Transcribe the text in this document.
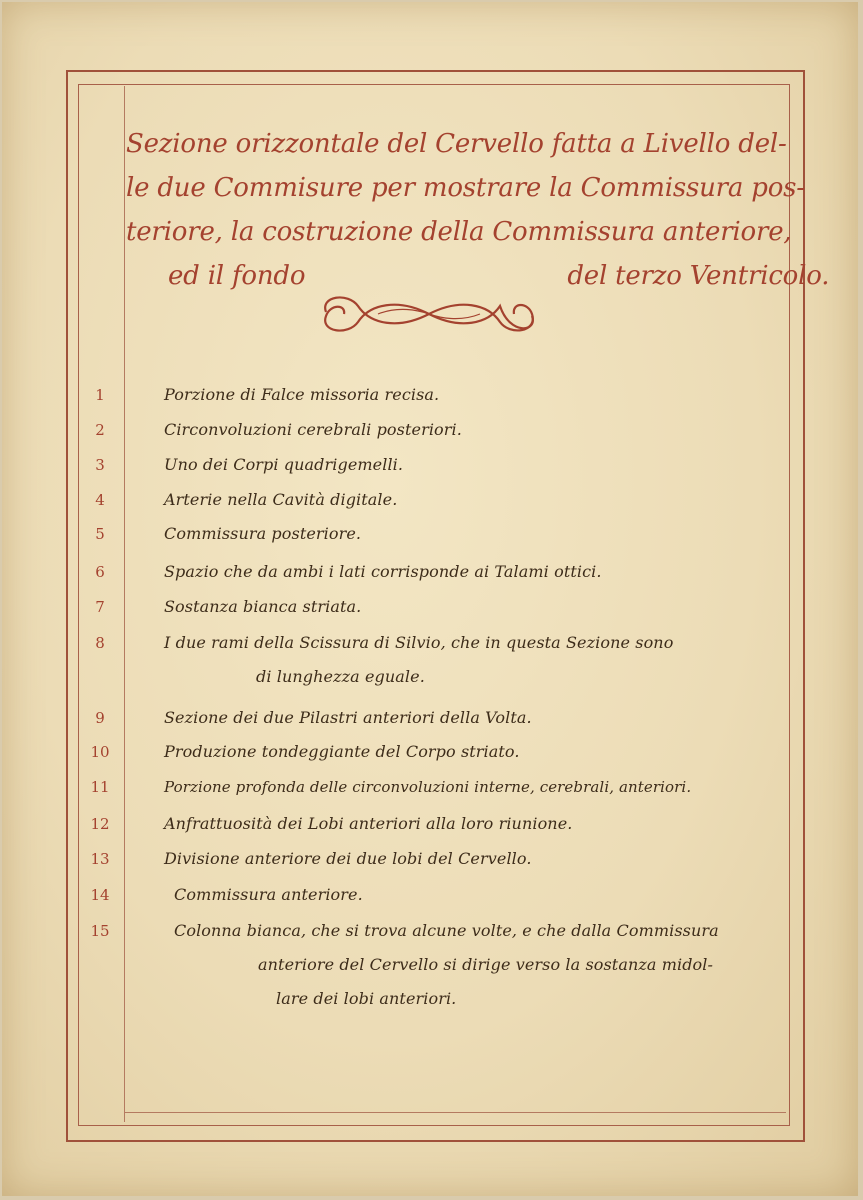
Sezione orizzontale del Cervello fatta a Livello del-
le due Commisure per mostrare la Commissura pos-
teriore, la costruzione della Commissura anteriore,
ed il fondo	del terzo Ventricolo.
1	Porzione di Falce missoria recisa.
2	Circonvoluzioni cerebrali posteriori.
3	Uno dei Corpi quadrigemelli.
4	Arterie nella Cavità digitale.
5	Commissura posteriore.
6	Spazio che da ambi i lati corrisponde ai Talami ottici.
7	Sostanza bianca striata.
8	I due rami della Scissura di Silvio, che in questa Sezione sono
di lunghezza eguale.
9	Sezione dei due Pilastri anteriori della Volta.
10	Produzione tondeggiante del Corpo striato.
11	Porzione profonda delle circonvoluzioni interne, cerebrali, anteriori.
12	Anfrattuosità dei Lobi anteriori alla loro riunione.
13	Divisione anteriore dei due lobi del Cervello.
14	Commissura anteriore.
15	Colonna bianca, che si trova alcune volte, e che dalla Commissura
anteriore del Cervello si dirige verso la sostanza midol-
lare dei lobi anteriori.
